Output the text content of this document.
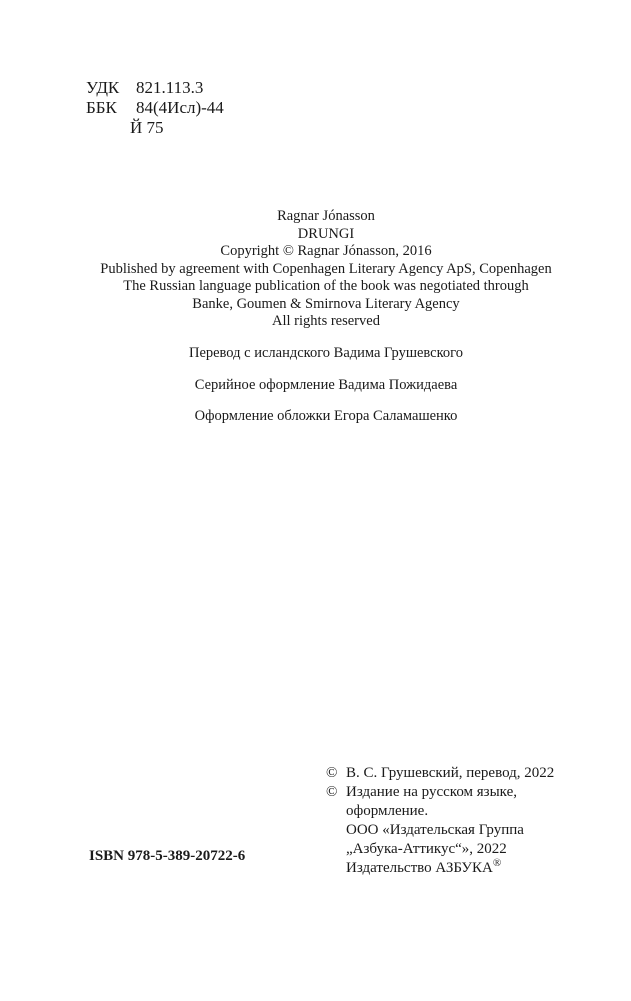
УДК 821.113.3
ББК	84(4Исл)-44
Й 75
Ragnar Jónasson
DRUNGI
Copyright © Ragnar Jónasson, 2016
Published by agreement with Copenhagen Literary Agency ApS, Copenhagen
The Russian language publication of the book was negotiated through
Banke, Goumen & Smirnova Literary Agency
All rights reserved
Перевод с исландского Вадима Грушевского
Серийное оформление Вадима Пожидаева
Оформление обложки Егора Саламашенко
ISBN 978-5-389-20722-6
© В. С. Грушевский, перевод, 2022
© Издание на русском языке,
оформление.
ООО «Издательская Группа
„Азбука-Аттикус“», 2022
Издательство АЗБУКА®
